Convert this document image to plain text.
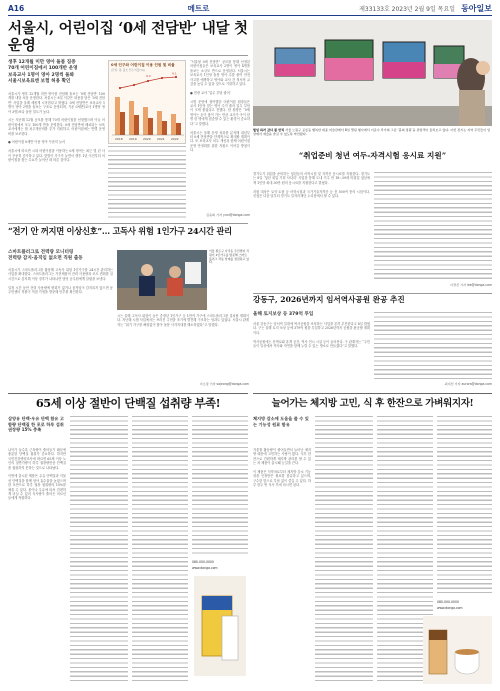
A16	메트로	제33133호 2023년 2월 9일 목요일 동아일보
서울시, 어린이집 ‘0세 전담반’ 내달 첫 운영
생후 12개월 미만 영아 돌봄 집중
70개 어린이집에서 100개반 운영
보육교사 1명이 영아 2명씩 돌봐
서울시보육료엔 보험 허용 확인
서울시가 생후 12개월 미만 영아를 전담해 돌보는 ‘0세 전담반’ 100개를 내달 처음 운영한다. 서울시는 8일 이같은 내용을 담은 ‘0세 전담반’ 사업을 올해 새롭게 시작한다고 밝혔다. 0세 전담반은 보육교사 1명이 영아 2명을 돌보는 구조로 운영되며, 기존 0세반(교사 1명당 영아 3명)보다 돌봄 밀도가 높다.

시는 지난해 12월 공모를 통해 70개 어린이집을 선정했으며 이들 어린이집에서 모두 100개 반을 운영한다. 0세 전담반에 배치되는 보육교사에게는 월 처우개선비를 추가 지원하고, 어린이집에는 반별 운영비를 보조한다.

● 어린이집 0세반 이용 영아 꾸준히 늘어

서울시에 따르면 시내 어린이집을 이용하는 0세 영아는 최근 몇 년 사이 꾸준히 증가하고 있다. 맞벌이 가구가 늘면서 생후 1년 이전부터 어린이집을 찾는 수요가 늘어난 데 따른 것이다.
0세 인구와 어린이집 이용 인원 및 비율
(단위: 명, 괄호 안은 비율(%))
9.2
9.1
2018 2019 2020 2021 2022

“서울형 0세 전담반” 공모를 통해 선정된 어린이집들은 보육교사 2명이 영아 4명을 돌보는 소규모 반으로 운영된다. 서울시는 보육교사 1인당 돌봄 영아 수를 줄여 안전사고를 예방하고 영아와 교사 간 정서적 교감을 높일 수 있을 것으로 기대하고 있다.

● 현장 교사 ‘업무 부담 줄어’

시범 운영에 참여했던 어린이집 원장들은 교사 1인당 맡는 영아 수가 줄어 업무 부담이 크게 줄었다고 전했다. 한 원장은 “0세 영아는 손이 많이 가는 만큼 교사가 아이 한 명 한 명에게 집중할 수 있는 환경이 중요하다”고 말했다.

서울시는 올해 운영 성과를 분석해 내년부터 0세 전담반을 단계적으로 확대할 계획이다. 또 보육교사 처우 개선과 함께 어린이집 운영 안정화를 위한 지원도 이어갈 방침이다.
김윤희 기자 yuni@donga.com
힐링 하러 갔다 봄 만끽 서울 노원구 공릉동 행복한 대중 미술관에서 8일 열린 행사에서 이준수 작가의 그림 ‘봄의 정원’을 관람객이 둘러보고 있다. 이번 전시는 지역 주민들이 일상에서 예술을 즐길 수 있도록 마련됐다.
“취업준비 청년 여두-자격시험 응시료 지원”
경기도가 취업을 준비하는 청년들의 어학시험 및 자격증 응시료를 지원한다. 경기도는 8일 ‘청년 취업 기회 사다리’ 사업을 통해 도내 거주 만 18∼39세 미취업 청년에게 1인당 최대 30만 원의 응시료를 지원한다고 밝혔다.

지원 대상은 토익·토플 등 어학시험과 국가기술자격증 등 총 500여 종의 시험이다. 신청은 다음 달부터 경기도 일자리재단 누리집에서 할 수 있다.
이경진 기자 lee@donga.com
“전기 안 꺼지면 이상신호”… 고독사 위험 1인가구 24시간 관리
스마트플러그로 전력량 모니터링
전력량 감지·움직임 없으면 직원 출동
서울시가 스마트플러그를 활용해 고독사 위험 1인가구를 24시간 관리하는 사업을 확대한다. 스마트플러그는 가전제품의 전력 사용량과 조도 변화를 실시간으로 감지해 이상 징후가 나타나면 담당 공무원에게 알림을 보낸다.

일정 시간 동안 전력 사용량에 변화가 없거나 움직임이 감지되지 않으면 동주민센터 직원이 직접 가정을 방문해 안부를 확인한다.
서울 종로구 사직동 주민센터 직원이 1인가구를 방문해 스마트플러그 작동 상태를 점검하고 있다.
시는 올해 고독사 위험이 높은 중장년 1인가구 등 1만여 가구에 스마트플러그를 설치할 계획이다. 지난해 시범 사업에서는 쓰러진 주민을 조기에 발견해 구조하는 성과도 있었다. 서울시 관계자는 “위기 가구를 빠짐없이 찾아 돌봄 사각지대를 해소하겠다”고 말했다.
이소정 기자 sojeong@donga.com
강동구, 2026년까지 임서역사공원 완공 추진
올해 토지보상 등 379억 투입
서울 강동구는 임서역 일대에 역사공원을 조성하는 사업을 본격 추진한다고 8일 밝혔다. 구는 올해 토지 보상 등에 379억 원을 투입하고 2026년까지 공원을 완공할 계획이다.

역사공원에는 산책로와 휴게 공간, 역사 전시 시설 등이 들어선다. 구 관계자는 “주민들이 일상에서 역사와 자연을 함께 누릴 수 있는 명소로 만들겠다”고 말했다.
최지선 기자 aurora@donga.com
65세 이상 절반이 단백질 섭취량 부족!
삼양유 단백·우유 단백 함유 고함량 단백질 한 포로 하루 섭취 권장량 15% 충족
나이가 들수록 근육량이 줄어들기 때문에 충분한 단백질 섭취가 중요하다. 하지만 국민건강영양조사에 따르면 65세 이상 노인의 절반가량이 하루 권장량만큼 단백질을 섭취하지 못하는 것으로 나타났다.

이번에 출시된 제품은 우유 단백질과 식물성 단백질을 함께 담아 흡수율을 높였으며 한 포만으로 하루 권장 섭취량의 15%를 채울 수 있다. 물이나 우유에 타서 간편하게 마실 수 있어 식사량이 줄어든 어르신들에게 적합하다.
080-000-0000
www.donga.com
늘어가는 체지방 고민, 식 후 한잔으로 가벼워지자!
체지방 감소에 도움을 줄 수 있는 기능성 원료 함유
겨울철 활동량이 줄어들면서 늘어난 체지방 때문에 고민하는 사람이 많다. 식후 한 잔으로 간편하게 체지방 관리를 할 수 있는 차 제품이 출시돼 눈길을 끈다.

이 제품은 식약처로부터 체지방 감소 기능성을 인정받은 원료를 함유하고 있으며, 구수한 맛으로 부담 없이 즐길 수 있다. 하루 한두 번 식사 후에 마시면 된다.
080-000-0000
www.donga.com
